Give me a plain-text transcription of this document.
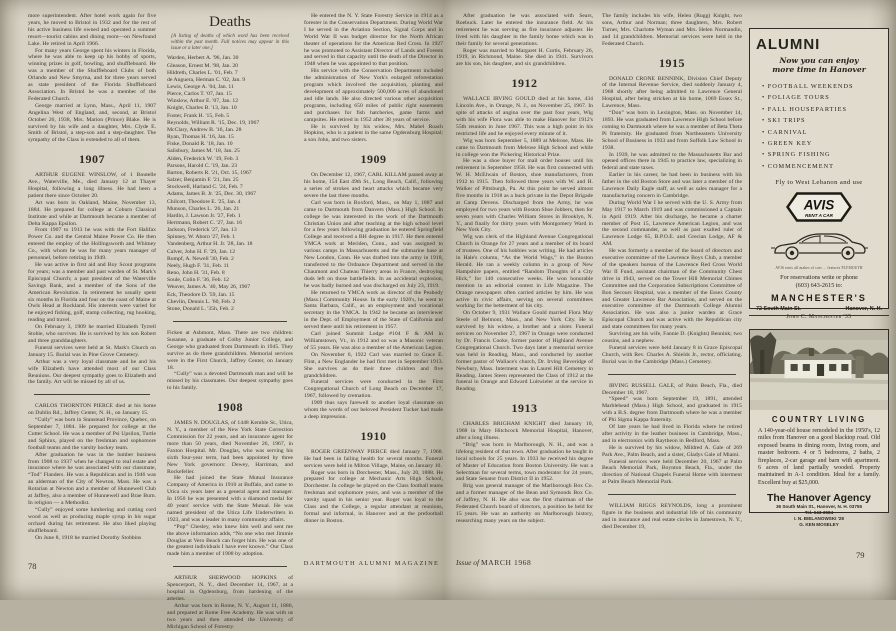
more superintendent. After hotel work again for five years, he moved to Bristol in 1932 and for the rest of his active business life owned and operated a summer resort—tourist cabins and dining room—on Newfound Lake. He retired in April 1966.
For many years George spent his winters in Florida, where he was able to keep up his hobby of sports, winning prizes in golf, bowling, and shuffleboard. He was a member of the Shuffleboard Clubs of both Orlando and New Smyrna, and for three years served as state president of the Florida Shuffleboard Association. In Bristol he was a member of the Federated Church.
George married at Lynn, Mass., April 11, 1907 Angelina West of England, and, second, at Bristol October 26, 1938, Mrs. Marion (Prince) Blake. He is survived by his wife and a daughter, Mrs. Clyde E. Smith of Bristol, a step-son and a step-daughter. The sympathy of the Class is extended to all of them.
1907
ARTHUR EUGENE WINSLOW, of 1 Boutelle Ave., Waterville, Me., died January 12 at Thayer Hospital, following a long illness. He had been a patient there since October 20.
Art was born in Oakland, Maine, November 13, 1884. He prepared for college at Coburn Classical Institute and while at Dartmouth became a member of Delta Kappa Epsilon.
From 1907 to 1913 he was with the Fort Halifax Power Co. and the Central Maine Power Co. He then entered the employ of the Hollingsworth and Whitney Co., with whom he was for many years manager of personnel, before retiring in 1949.
He was active in first aid and Boy Scout programs for years; was a member and past warden of St. Mark's Episcopal Church; a past president of the Waterville Savings Bank, and a member of the Sons of the American Revolution. In retirement he usually spent six months in Florida and four on the coast of Maine at Owls Head at Rockland. His interests were varied for he enjoyed fishing, golf, stamp collecting, rug hooking, reading and travel.
On February 3, 1909 he married Elizabeth Tyrrell Stobie, who survives. He is survived by his son Robert and three granddaughters.
Funeral services were held at St. Mark's Church on January 15. Burial was in Pine Grove Cemetery.
Arthur was a very loyal classmate and he and his wife Elizabeth have attended most of our Class Reunions. Our deepest sympathy goes to Elizabeth and the family. Art will be missed by all of us.
CARLOS THORNTON PIERCE died at his home on Dublin Rd., Jaffrey Center, N. H., on January 15.
“Cully” was born in Stanstead Province, Quebec, on September 7, 1884. He prepared for college at the Cutter School. He was a member of Psi Upsilon, Turtle and Sphinx, played on the freshman and sophomore football teams and the varsity hockey team.
After graduation he was in the lumber business from 1908 to 1937 when he changed to real estate and insurance where he was associated with our classmate, “Tod” Flanders. He was a Republican and in 1946 was an alderman of the City of Newton, Mass. He was a Rotarian at Newton and a member of Hunnewell Club at Jaffrey, also a member of Hunnewell and Brae Burn. In religion — a Methodist.
“Cully” enjoyed some lumbering and cutting cord wood as well as producing maple syrup in his sugar orchard during his retirement. He also liked playing shuffleboard.
On June 8, 1918 he married Dorothy Stobbins
Deaths
[A listing of deaths of which word has been received within the past month. Full notices may appear in this issue or a later one.]
Warden, Herbert A. '96, Jan. 30
Gleason, Ernest M. '98, Jan. 20
Hildreth, Charles L. '01, Feb. 7
de Anguera, Herman C. '02, Jan. 9
Lewis, George A. '04, Jan. 11
Pierce, Carlos T. '07, Jan. 15
Winslow, Arthur E. '07, Jan. 12
Knight, Charles B. '13, Jan. 10
Foster, Frank H. '15, Feb. 5
Reynolds, William R. '15, Dec. 19, 1967
McClary, Andrew B. '16, Jan. 28
Ryan, Thomas H. '16, Jan. 15
Fiske, Donald R. '18, Jan. 10
Salisbury, James M. '18, Jan. 25
Alden, Frederick W. '19, Feb. 3
Parsons, Harold C. '19, Jan. 23
Barton, Roberts R. '21, Oct. 15, 1967
Salzer, Benjamin F. '21, Jan. 25
Stockwell, Harland C. '24, Feb. 7
Adams, James B. Jr. '25, Dec. 30, 1967
Chilcott, Theodore E. '25, Jan. 4
Munson, Charles L. '26, Jan. 21
Hardin, J. Lawson Jr. '27, Feb. 1
Herrmann, Robert C. '27, Jan. 16
Jackson, Frederick '27, Jan. 13
Spinney, W. Aborn '27, Feb. 1
Vandenberg, Arthur H. Jr. '28, Jan. 18
Calver, John H. F. '29, Jan. 12
Rumpf, A. Newell '30, Feb. 2
Neely, Hugh F. '31, Feb. 11
Reno, John H. '31, Feb. 8
Soule, Colin F. '36, Feb. 12
Weaver, James A. '40, May 26, 1967
Eck, Theodore D. '59, Jan. 15
Chevlin, Dennis L. '60, Feb. 2
Stone, Donald L. '35h, Feb. 2
Ficken at Ashmont, Mass. There are two children: Susanne, a graduate of Colby Junior College, and George who graduated from Dartmouth in 1945. They survive as do three grandchildren. Memorial services were in the First Church, Jaffrey Center, on January 18.
“Cully” was a devoted Dartmouth man and will be missed by his classmates. Our deepest sympathy goes to his family.
1908
JAMES N. DOUGLAS, of 1448 Kemble St., Utica, N. Y., a member of the New York State Correction Commission for 22 years, and an insurance agent for more than 50 years, died November 26, 1967, in Faxton Hospital. Mr. Douglas, who was serving his sixth four-year term, had been appointed by three New York governors: Dewey, Harriman, and Rockefeller.
He had joined the State Mutual Insurance Company of America in 1910 at Buffalo, and came to Utica six years later as a general agent and manager. In 1950 he was presented with a diamond medal for 40 years' service with the State Mutual. He was named president of the Utica Life Underwriters in 1923, and was a leader in many community affairs.
“Pop” Chesley, who knew him well and sent me the above information adds, “No one who met Jimmie Douglas at Vero Beach can forget him. He was one of the greatest individuals I have ever known.” Our Class made him a member of 1908 by adoption.
ARTHUR SHERWOOD HOPKINS of Spencerport, N. Y., died December 14, 1967, at a hospital in Ogdensburg, from hardening of the arteries.
Arthur was born in Rome, N. Y., August 11, 1886, and prepared at Rome Free Academy. He was with us two years and then attended the University of Michigan School of Forestry.
He entered the N. Y. State Forestry Service in 1914 as a forester in the Conservation Department. During World War I he served in the Aviation Section, Signal Corps and in World War II was budget director for the North African theater of operations for the American Red Cross. In 1927 he was promoted to Assistant Director of Lands and Forests and served in that capacity until the death of the Director in 1948 when he was appointed to that position.
His service with the Conservation Department included the administration of New York's enlarged reforestation program which involved the acquisition, planting and development of approximately 500,000 acres of abandoned and idle lands. He also directed various other acquisition programs, including 650 miles of public right easements and purchases for fish hatcheries, game farms and campsites. He retired in 1952 after 38 years of service.
He is survived by his widow, Mrs. Mabel Roach Hopkins, who is a patient in the same Ogdensburg Hospital; a son John, and two sisters.
1909
On December 12, 1967, CARL KILLAM passed away at his home, 154 East 49th St., Long Beach, Calif., following a series of strokes and heart attacks which became very severe the last three months.
Carl was born in Boxford, Mass., on May 1, 1887 and came to Dartmouth from Danvers (Mass.) High School. In college he was interested in the work of the Dartmouth Christian Union and after teaching at the high school level for a few years following graduation he entered Springfield College and received a BH degree in 1917. He then entered YMCA work at Meriden, Conn., and was assigned to various camps in Massachusetts and the submarine base at New London, Conn. He was drafted into the army in 1918, transferred to the Ordnance Department and served in the Chaumont and Chateau Thierry areas in France, destroying duds left on those battlefields. In an accidental explosion, he was badly burned and was discharged on July 23, 1919.
He returned to YMCA work as director of the Peabody (Mass.) Community House. In the early 1920's, he went to Santa Barbara, Calif., as an employment and vocational secretary in the YMCA. In 1942 he became an interviewer in the Dept. of Employment of the State of California and served there until his retirement in 1957.
Carl joined Summit Lodge #104 F & AM in Williamstown, Vt., in 1912 and so was a Masonic veteran of 55 years. He was also a member of the American Legion.
On November 6, 1922 Carl was married to Grace E. Flint, a New Englander he had first met in September 1913. She survives as do their three children and five grandchildren.
Funeral services were conducted in the First Congregational Church of Long Beach on December 17, 1967, followed by cremation.
1909 thus says farewell to another loyal classmate on whom the words of our beloved President Tucker had made a deep impression.
1910
ROGER GREENWAY PIERCE died January 7, 1968. He had been in failing health for several months. Funeral services were held in Milton Village, Maine, on January 10.
Roger was born in Dorchester, Mass., July 20, 1888. He prepared for college at Mechanic Arts High School, Dorchester. In college he played on the Class football teams freshman and sophomore years, and was a member of the varsity squad in his senior year. Roger was loyal to the Class and the College, a regular attendant at reunions, formal and informal, in Hanover and at the prefootball dinner in Boston.
78	DARTMOUTH ALUMNI MAGAZINE
After graduation he was associated with Sears, Roebuck. Later he entered the insurance field. At his retirement he was serving as fire insurance adjuster. He lived with his daughter in the family home which was in their family for several generations.
Roger was married to Margaret H. Curtis, February 26, 1919, in Richmond, Maine. She died in 1941. Survivors are his son, his daughter, and six grandchildren.
1912
WALLACE IRVING GOULD died at his home, 434 Lincoln Ave., in Orange, N. J., on November 25, 1967. In spite of attacks of angina over the past four years, Wig with his wife Flora was able to make Hanover for 1912's 55th reunion in June 1967. This was a high point in his restricted life and he enjoyed every minute of it.
Wig was born September 5, 1889 at Melrose, Mass. He came to Dartmouth from Melrose High School and while in college won the Pickering Historical Prize.
He was a shoe buyer for mail order houses until his retirement in September 1958. He was first connected with W. H. McElwain of Boston, shoe manufacturers, from 1912 to 1915. Then followed three years with W. and H. Walker of Pittsburgh, Pa. At this point he served almost five months in 1918 as a buck private in the Depot Brigade at Camp Devens. Discharged from the Army, he was employed for two years with Boston Shoe Jobbers, then for seven years with Charles William Stores in Brooklyn, N. Y., and finally for thirty years with Montgomery Ward in New York City.
Wig was clerk of the Highland Avenue Congregational Church in Orange for 27 years and a member of its board of trustees. One of his hobbies was writing. He had articles in Hale's column, “As the World Wags,” in the Boston Herald. He ran a weekly column in a group of New Hampshire papers, entitled “Random Thoughts of a City Hick,” for 140 consecutive weeks. He won honorable mention in an editorial contest in Life Magazine. The Orange newspapers often carried articles by him. He was active in civic affairs, serving on several committees working for the betterment of his city.
On October 9, 1931 Wallace Gould married Flora May Steele of Belmont, Mass., and New York City. He is survived by his widow, a brother and a sister. Funeral services on November 27, 1967 in Orange were conducted by Dr. Francis Cooke, former pastor of Highland Avenue Congregational Church. Two days later a memorial service was held in Reading, Mass., and conducted by another former pastor of Wallace's church, Dr. Irving Beveridge of Newbury, Mass. Interment was in Laurel Hill Cemetery in Reading. James Steen represented the Class of 1912 at the funeral in Orange and Edward Luitwieler at the service in Reading.
1913
CHARLES BRIGHAM KNIGHT died January 10, 1968 in Mary Hitchcock Memorial Hospital, Hanover, after a long illness.
“Brig” was born in Marlborough, N. H., and was a lifelong resident of that town. After graduation he taught in local schools for 25 years. In 1933 he received his degree of Master of Education from Boston University. He was a Selectman for several terms, town moderator for 24 years, and State Senator from District II in 1952.
Brig was general manager of the Marlborough Box Co. and a former manager of the Bean and Symonds Box Co. of Jaffrey, N. H. He also was the first chairman of the Federated Church board of directors, a position he held for 15 years. He was an authority on Marlborough history, researching many years on the subject.
The family includes his wife, Helen (Rugg) Knight, two sons, Arthur and Norman; three daughters, Mrs. Robert Turner, Mrs. Charlotte Wyman and Mrs. Helen Normandin, and 14 grandchildren. Memorial services were held in the Federated Church.
1915
DONALD CRONE BENNINK, Division Chief Deputy of the Internal Revenue Service, died suddenly January 4, 1968 shortly after being admitted to Lawrence General Hospital, after being stricken at his home, 1069 Essex St., Lawrence, Mass.
“Don” was born in Lexington, Mass. on November 14, 1893. He was graduated from Lawrence High School before coming to Dartmouth where he was a member of Beta Theta Pi fraternity. He graduated from Northeastern University School of Business in 1933 and from Suffolk Law School in 1938.
In 1939, he was admitted to the Massachusetts Bar and opened offices there in 1945 to practice law, specializing in federal and state taxes.
Earlier in his career, he had been in business with his father in the old Boston Store and was later a member of the Lawrence Daily Eagle staff, as well as sales manager for a manufacturing concern in Cambridge.
During World War I he served with the U. S. Army from May 1917 to March 1919 and was commissioned a Captain in April 1919. After his discharge, he became a charter member of Post 15, Lawrence American Legion, and was the second commander, as well as past exalted ruler of Lawrence Lodge 65, B.P.O.E. and Grecian Lodge, AF & AM.
He was formerly a member of the board of directors and executive committee of the Lawrence Boys Club, a member of the speakers bureau of the Lawrence Red Cross World War II Fund, assistant chairman of the Community Chest drive in 1943, served on the Tower Hill Memorial Chimes Committee and the Corporation Subscriptions Committee of Bon Secours Hospital, was a member of the Essex County and Greater Lawrence Bar Association, and served on the executive committee of the Dartmouth College Alumni Association. He was also a junior warden at Grace Episcopal Church and was active with the Republican city and state committees for many years.
Surviving are his wife, Fannie D. (Knights) Bennink; two cousins, and a nephew.
Funeral services were held January 8 in Grace Episcopal Church, with Rev. Charles A. Shields Jr., rector, officiating. Burial was in the Cambridge (Mass.) Cemetery.
IRVING RUSSELL GALE, of Palm Beach, Fla., died December 18, 1967.
“Speed” was born September 19, 1891, attended Marblehead (Mass.) High School, and graduated in 1915 with a B.S. degree from Dartmouth where he was a member of Phi Sigma Kappa fraternity.
Of late years he had lived in Florida where he retired after activity in the leather business in Cambridge, Mass., and in electronics with Raytheon in Bedford, Mass.
He is survived by his widow, Mildred A. Gale of 269 Park Ave., Palm Beach, and a sister, Gladys Gale of Miami.
Funeral services were held December 20, 1967 at Palm Beach Memorial Park, Boynton Beach, Fla., under the direction of National Chapels Funeral Home with interment at Palm Beach Memorial Park.
WILLIAM RIGGS REYNOLDS, long a prominent figure in the business and industrial life of his community and in insurance and real estate circles in Jamestown, N. Y., died December 19,
Issue of MARCH 1968
79
ALUMNI
Now you can enjoy
more time in Hanover
• FOOTBALL WEEKENDS
• FOLIAGE TOURS
• FALL HOUSEPARTIES
• SKI TRIPS
• CARNIVAL
• GREEN KEY
• SPRING FISHING
• COMMENCEMENT
Fly to West Lebanon and use
AVIS
RENT A CAR
AVIS rents all makes of cars ... features PLYMOUTH
For reservations write or phone
(603) 643-2615 to:
MANCHESTER'S
72 South Main St.	Hanover, N. H.
John C. Manchester '35
COUNTRY LIVING
A 140-year-old house remodeled in the 1950's, 12 miles from Hanover on a good blacktop road. Old exposed beams in dining room, living room, and master bedroom. 4 or 5 bedrooms, 2 baths, 2 fireplaces, 2-car garage and barn with apartment. 6 acres of land partially wooded. Property maintained in A-1 condition. Ideal for a family. Excellent buy at $25,000.
The Hanover Agency
36 South Main St., Hanover, N. H. 03755
Tel. 643-3584
I. N. BIELANOWSKI '28
G. KEN MOSELEY
